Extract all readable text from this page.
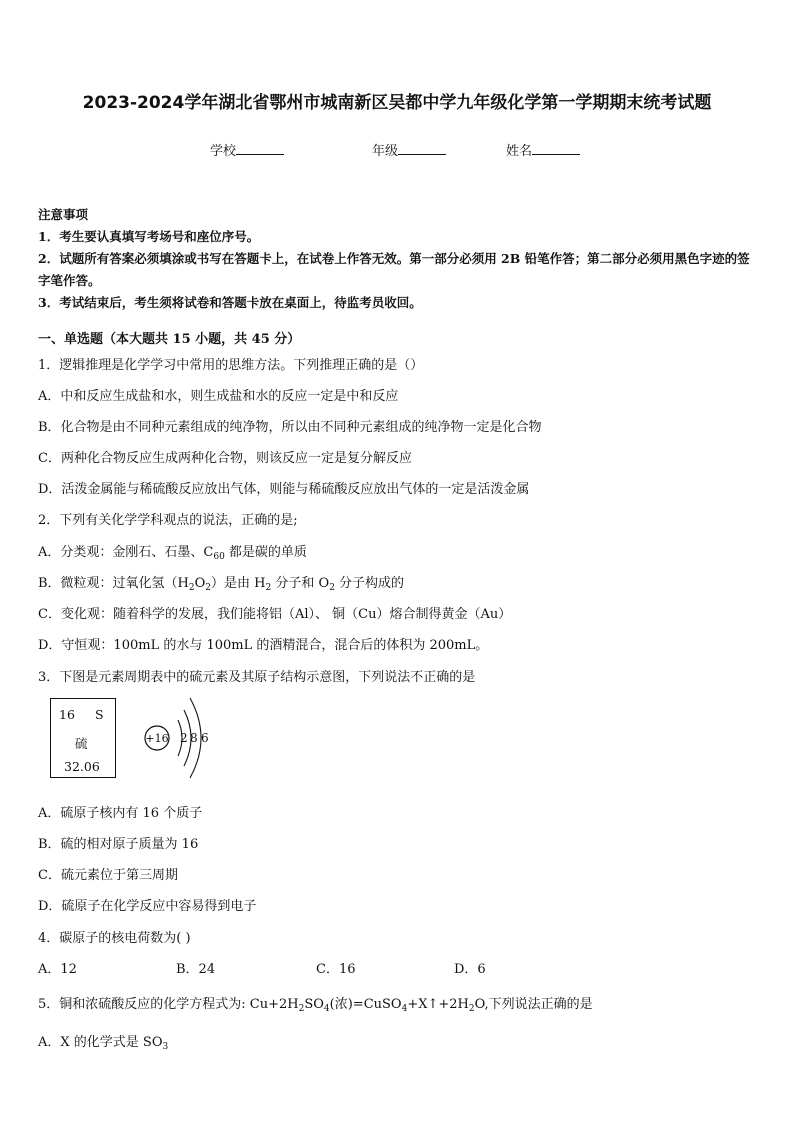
2023-2024学年湖北省鄂州市城南新区吴都中学九年级化学第一学期期末统考试题
学校	年级	姓名
注意事项
1．考生要认真填写考场号和座位序号。
2．试题所有答案必须填涂或书写在答题卡上，在试卷上作答无效。第一部分必须用 2B 铅笔作答；第二部分必须用黑色字迹的签字笔作答。
3．考试结束后，考生须将试卷和答题卡放在桌面上，待监考员收回。
一、单选题（本大题共 15 小题，共 45 分）
1．逻辑推理是化学学习中常用的思维方法。下列推理正确的是（）
A．中和反应生成盐和水，则生成盐和水的反应一定是中和反应
B．化合物是由不同种元素组成的纯净物，所以由不同种元素组成的纯净物一定是化合物
C．两种化合物反应生成两种化合物，则该反应一定是复分解反应
D．活泼金属能与稀硫酸反应放出气体，则能与稀硫酸反应放出气体的一定是活泼金属
2．下列有关化学学科观点的说法，正确的是;
A．分类观：金刚石、石墨、$C_{60}$ 都是碳的单质
B．微粒观：过氧化氢$(H_2O_2)$是由 $H_2$ 分子和 $O_2$ 分子构成的
C．变化观：随着科学的发展，我们能将铝（Al）、 铜（Cu）熔合制得黄金（Au）
D．守恒观：100mL 的水与 100mL 的酒精混合，混合后的体积为 200mL。
3．下图是元素周期表中的硫元素及其原子结构示意图，下列说法不正确的是
16 S
硫
32.06
+16 2 8 6
A．硫原子核内有 16 个质子
B．硫的相对原子质量为 16
C．硫元素位于第三周期
D．硫原子在化学反应中容易得到电子
4．碳原子的核电荷数为( )
A．12	B．24	C．16	D．6
5．铜和浓硫酸反应的化学方程式为: $Cu+2H_2SO_4$(浓)$=CuSO_4+X↑+2H_2O$,下列说法正确的是
A．X 的化学式是 $SO_3$
